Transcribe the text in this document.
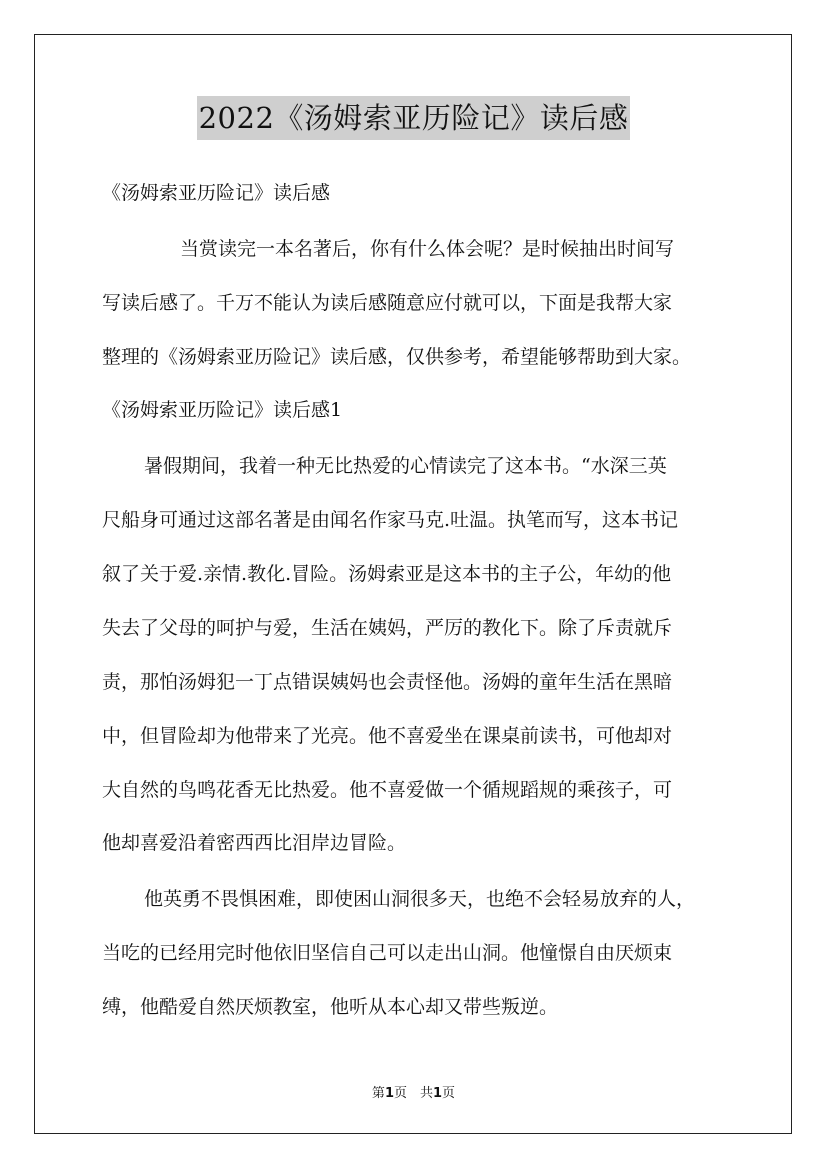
2022《汤姆索亚历险记》读后感
《汤姆索亚历险记》读后感
当赏读完一本名著后，你有什么体会呢？是时候抽出时间写
写读后感了。千万不能认为读后感随意应付就可以，下面是我帮大家
整理的《汤姆索亚历险记》读后感，仅供参考，希望能够帮助到大家。
《汤姆索亚历险记》读后感1
暑假期间，我着一种无比热爱的心情读完了这本书。“水深三英
尺船身可通过这部名著是由闻名作家马克.吐温。执笔而写，这本书记
叙了关于爱.亲情.教化.冒险。汤姆索亚是这本书的主子公，年幼的他
失去了父母的呵护与爱，生活在姨妈，严厉的教化下。除了斥责就斥
责，那怕汤姆犯一丁点错误姨妈也会责怪他。汤姆的童年生活在黑暗
中，但冒险却为他带来了光亮。他不喜爱坐在课桌前读书，可他却对
大自然的鸟鸣花香无比热爱。他不喜爱做一个循规蹈规的乘孩子，可
他却喜爱沿着密西西比泪岸边冒险。
他英勇不畏惧困难，即使困山洞很多天，也绝不会轻易放弃的人，
当吃的已经用完时他依旧坚信自己可以走出山洞。他憧憬自由厌烦束
缚，他酷爱自然厌烦教室，他听从本心却又带些叛逆。
第1页　共1页
